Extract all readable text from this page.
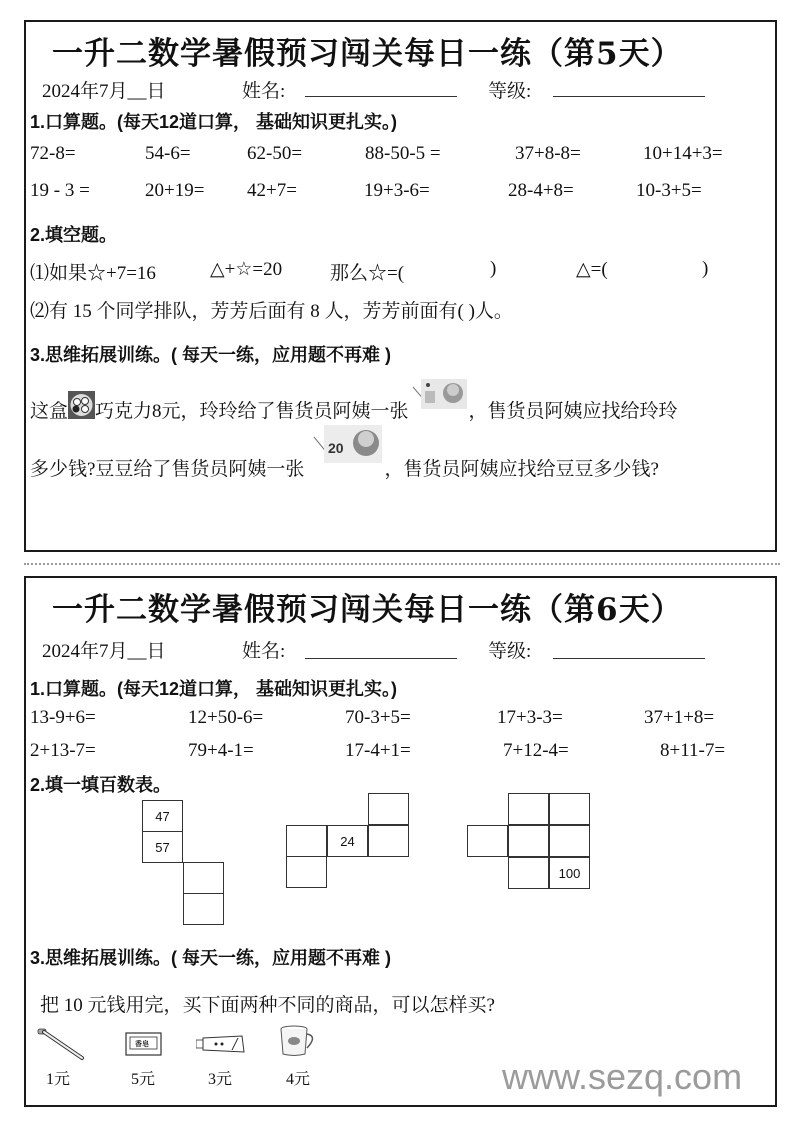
一升二数学暑假预习闯关每日一练（第5天）
2024年7月__日	姓名:	等级:
1.口算题。(每天12道口算， 基础知识更扎实。)
72-8=	54-6=	62-50=	88-50-5 =	37+8-8=	10+14+3=
19 - 3 =	20+19= 42+7=	19+3-6=	28-4+8=	10-3+5=
2.填空题。
⑴如果☆+7=16	△+☆=20	那么☆=(	)	△=(	)
⑵有 15 个同学排队，芳芳后面有 8 人，芳芳前面有( )人。
3.思维拓展训练。( 每天一练，应用题不再难 )
这盒 巧克力8元，玲玲给了售货员阿姨一张	，售货员阿姨应找给玲玲
多少钱?豆豆给了售货员阿姨一张
20
，售货员阿姨应找给豆豆多少钱?
一升二数学暑假预习闯关每日一练（第6天）
2024年7月__日	姓名:	等级:
1.口算题。(每天12道口算， 基础知识更扎实。)
13-9+6=	12+50-6=	70-3+5=	17+3-3=	37+1+8=
2+13-7=	79+4-1=	17-4+1=	7+12-4=	8+11-7=
2.填一填百数表。
47
57	24
100
3.思维拓展训练。( 每天一练，应用题不再难 )
把 10 元钱用完，买下面两种不同的商品，可以怎样买?
1元
香皂
5元	3元	4元	www.sezq.com
